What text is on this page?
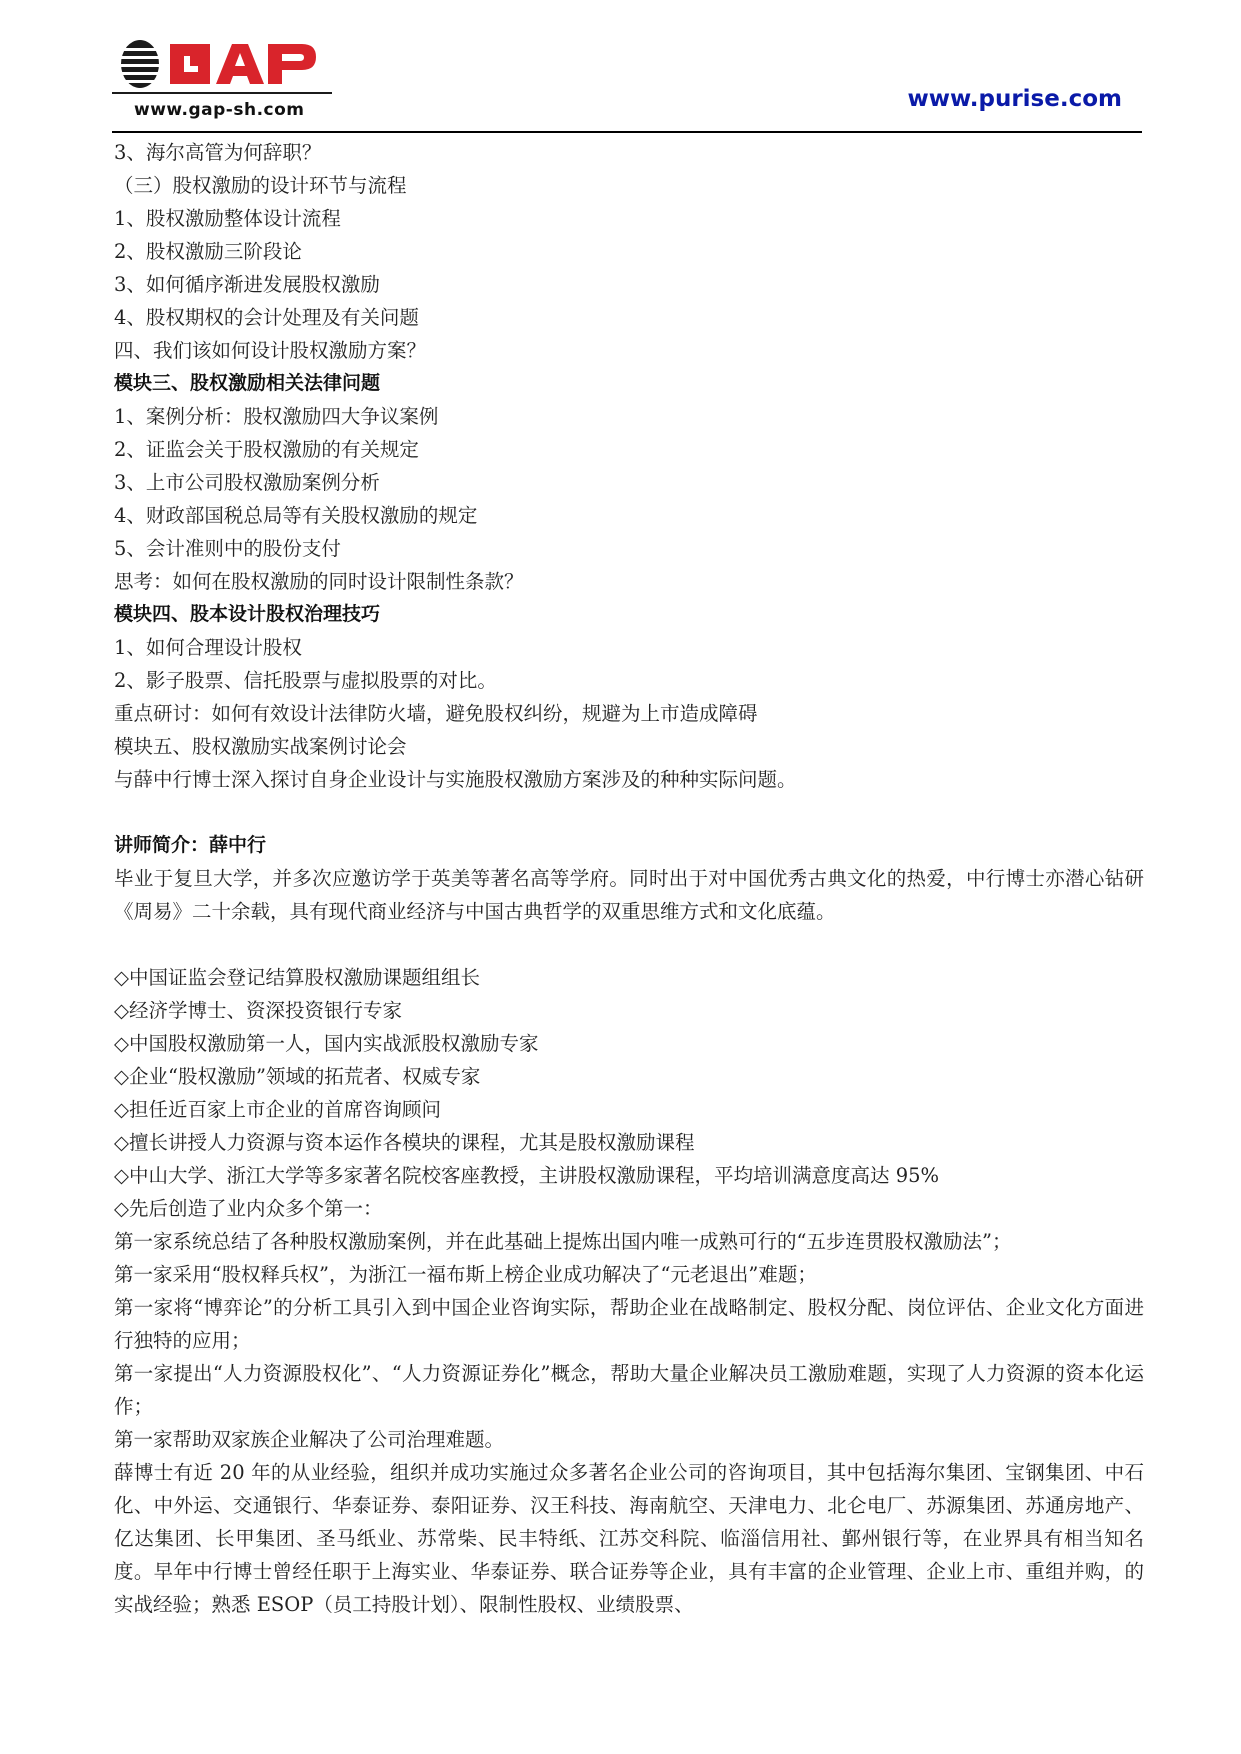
www.gap-sh.com	www.purise.com
3、海尔高管为何辞职？
（三）股权激励的设计环节与流程
1、股权激励整体设计流程
2、股权激励三阶段论
3、如何循序渐进发展股权激励
4、股权期权的会计处理及有关问题
四、我们该如何设计股权激励方案？
模块三、股权激励相关法律问题
1、案例分析：股权激励四大争议案例
2、证监会关于股权激励的有关规定
3、上市公司股权激励案例分析
4、财政部国税总局等有关股权激励的规定
5、会计准则中的股份支付
思考：如何在股权激励的同时设计限制性条款？
模块四、股本设计股权治理技巧
1、如何合理设计股权
2、影子股票、信托股票与虚拟股票的对比。
重点研讨：如何有效设计法律防火墙，避免股权纠纷，规避为上市造成障碍
模块五、股权激励实战案例讨论会
与薛中行博士深入探讨自身企业设计与实施股权激励方案涉及的种种实际问题。
讲师简介：薛中行
毕业于复旦大学，并多次应邀访学于英美等著名高等学府。同时出于对中国优秀古典文化的热爱，中行博士亦潜心钻研《周易》二十余载，具有现代商业经济与中国古典哲学的双重思维方式和文化底蕴。
◇中国证监会登记结算股权激励课题组组长
◇经济学博士、资深投资银行专家
◇中国股权激励第一人，国内实战派股权激励专家
◇企业“股权激励”领域的拓荒者、权威专家
◇担任近百家上市企业的首席咨询顾问
◇擅长讲授人力资源与资本运作各模块的课程，尤其是股权激励课程
◇中山大学、浙江大学等多家著名院校客座教授，主讲股权激励课程，平均培训满意度高达 95%
◇先后创造了业内众多个第一：
第一家系统总结了各种股权激励案例，并在此基础上提炼出国内唯一成熟可行的“五步连贯股权激励法”；
第一家采用“股权释兵权”，为浙江一福布斯上榜企业成功解决了“元老退出”难题；
第一家将“博弈论”的分析工具引入到中国企业咨询实际，帮助企业在战略制定、股权分配、岗位评估、企业文化方面进行独特的应用；
第一家提出“人力资源股权化”、“人力资源证券化”概念，帮助大量企业解决员工激励难题，实现了人力资源的资本化运作；
第一家帮助双家族企业解决了公司治理难题。
薛博士有近 20 年的从业经验，组织并成功实施过众多著名企业公司的咨询项目，其中包括海尔集团、宝钢集团、中石化、中外运、交通银行、华泰证券、泰阳证券、汉王科技、海南航空、天津电力、北仑电厂、苏源集团、苏通房地产、亿达集团、长甲集团、圣马纸业、苏常柴、民丰特纸、江苏交科院、临淄信用社、鄞州银行等，在业界具有相当知名度。早年中行博士曾经任职于上海实业、华泰证券、联合证券等企业，具有丰富的企业管理、企业上市、重组并购，的实战经验；熟悉 ESOP（员工持股计划）、限制性股权、业绩股票、
